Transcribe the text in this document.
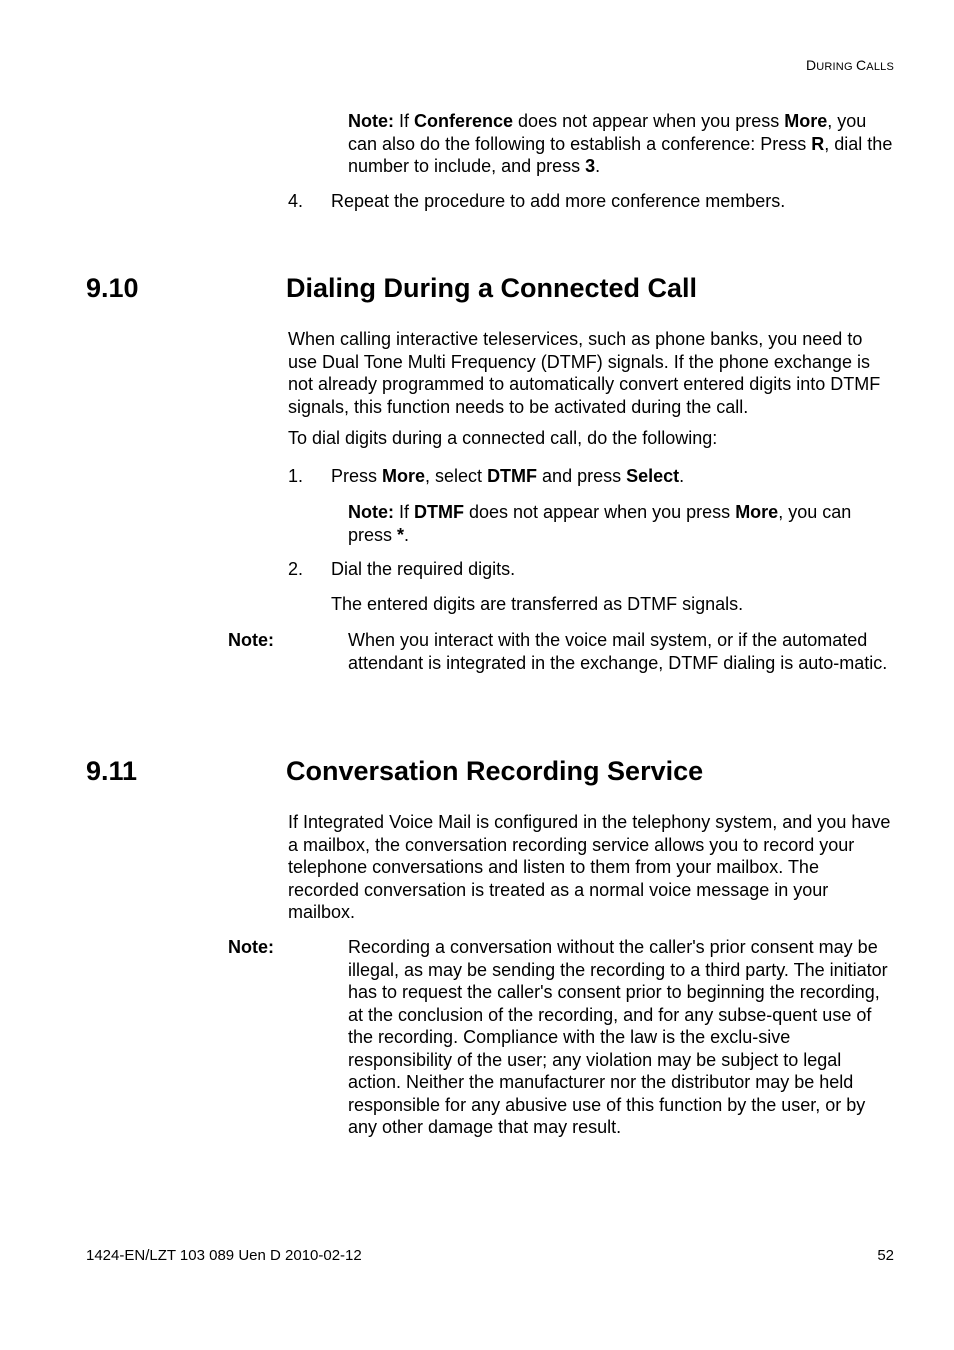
DURING CALLS
Note: If Conference does not appear when you press More, you can also do the following to establish a conference: Press R, dial the number to include, and press 3.
4. Repeat the procedure to add more conference members.
9.10	Dialing During a Connected Call
When calling interactive teleservices, such as phone banks, you need to use Dual Tone Multi Frequency (DTMF) signals. If the phone exchange is not already programmed to automatically convert entered digits into DTMF signals, this function needs to be activated during the call.
To dial digits during a connected call, do the following:
1. Press More, select DTMF and press Select.
Note: If DTMF does not appear when you press More, you can press *.
2. Dial the required digits.
The entered digits are transferred as DTMF signals.
Note:	When you interact with the voice mail system, or if the automated attendant is integrated in the exchange, DTMF dialing is auto-matic.
9.11	Conversation Recording Service
If Integrated Voice Mail is configured in the telephony system, and you have a mailbox, the conversation recording service allows you to record your telephone conversations and listen to them from your mailbox. The recorded conversation is treated as a normal voice message in your mailbox.
Note:	Recording a conversation without the caller's prior consent may be illegal, as may be sending the recording to a third party. The initiator has to request the caller's consent prior to beginning the recording, at the conclusion of the recording, and for any subse-quent use of the recording. Compliance with the law is the exclu-sive responsibility of the user; any violation may be subject to legal action. Neither the manufacturer nor the distributor may be held responsible for any abusive use of this function by the user, or by any other damage that may result.
1424-EN/LZT 103 089 Uen D 2010-02-12	52
